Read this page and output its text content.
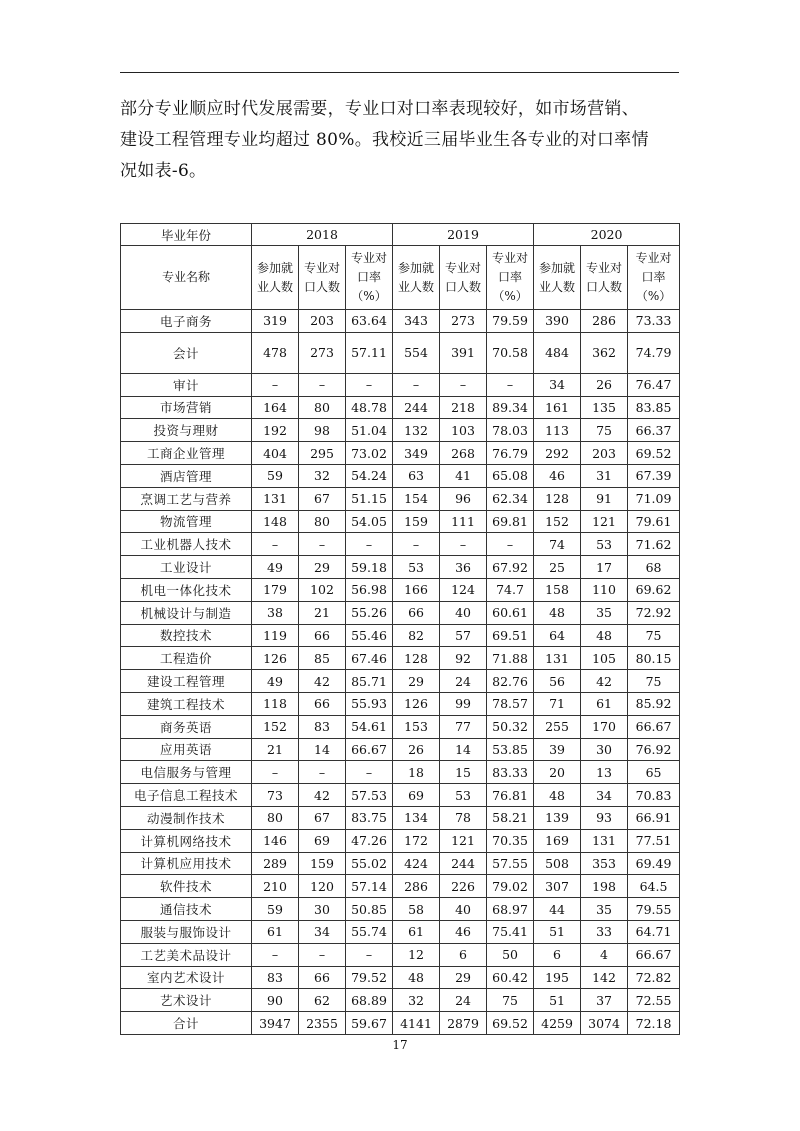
部分专业顺应时代发展需要，专业口对口率表现较好，如市场营销、

建设工程管理专业均超过 80%。我校近三届毕业生各专业的对口率情

况如表-6。

毕业年份	2018			2019			2020		
专业名称	参加就业人数	专业对口人数	专业对口率（%）	参加就业人数	专业对口人数	专业对口率（%）	参加就业人数	专业对口人数	专业对口率（%）
电子商务	319	203	63.64	343	273	79.59	390	286	73.33
会计	478	273	57.11	554	391	70.58	484	362	74.79
审计	–	–	–	–	–	–	34	26	76.47
市场营销	164	80	48.78	244	218	89.34	161	135	83.85
投资与理财	192	98	51.04	132	103	78.03	113	75	66.37
工商企业管理	404	295	73.02	349	268	76.79	292	203	69.52
酒店管理	59	32	54.24	63	41	65.08	46	31	67.39
烹调工艺与营养	131	67	51.15	154	96	62.34	128	91	71.09
物流管理	148	80	54.05	159	111	69.81	152	121	79.61
工业机器人技术	–	–	–	–	–	–	74	53	71.62
工业设计	49	29	59.18	53	36	67.92	25	17	68
机电一体化技术	179	102	56.98	166	124	74.7	158	110	69.62
机械设计与制造	38	21	55.26	66	40	60.61	48	35	72.92
数控技术	119	66	55.46	82	57	69.51	64	48	75
工程造价	126	85	67.46	128	92	71.88	131	105	80.15
建设工程管理	49	42	85.71	29	24	82.76	56	42	75
建筑工程技术	118	66	55.93	126	99	78.57	71	61	85.92
商务英语	152	83	54.61	153	77	50.32	255	170	66.67
应用英语	21	14	66.67	26	14	53.85	39	30	76.92
电信服务与管理	–	–	–	18	15	83.33	20	13	65
电子信息工程技术	73	42	57.53	69	53	76.81	48	34	70.83
动漫制作技术	80	67	83.75	134	78	58.21	139	93	66.91
计算机网络技术	146	69	47.26	172	121	70.35	169	131	77.51
计算机应用技术	289	159	55.02	424	244	57.55	508	353	69.49
软件技术	210	120	57.14	286	226	79.02	307	198	64.5
通信技术	59	30	50.85	58	40	68.97	44	35	79.55
服装与服饰设计	61	34	55.74	61	46	75.41	51	33	64.71
工艺美术品设计	–	–	–	12	6	50	6	4	66.67
室内艺术设计	83	66	79.52	48	29	60.42	195	142	72.82
艺术设计	90	62	68.89	32	24	75	51	37	72.55
合计	3947	2355	59.67	4141	2879	69.52	4259	3074	72.18
17
